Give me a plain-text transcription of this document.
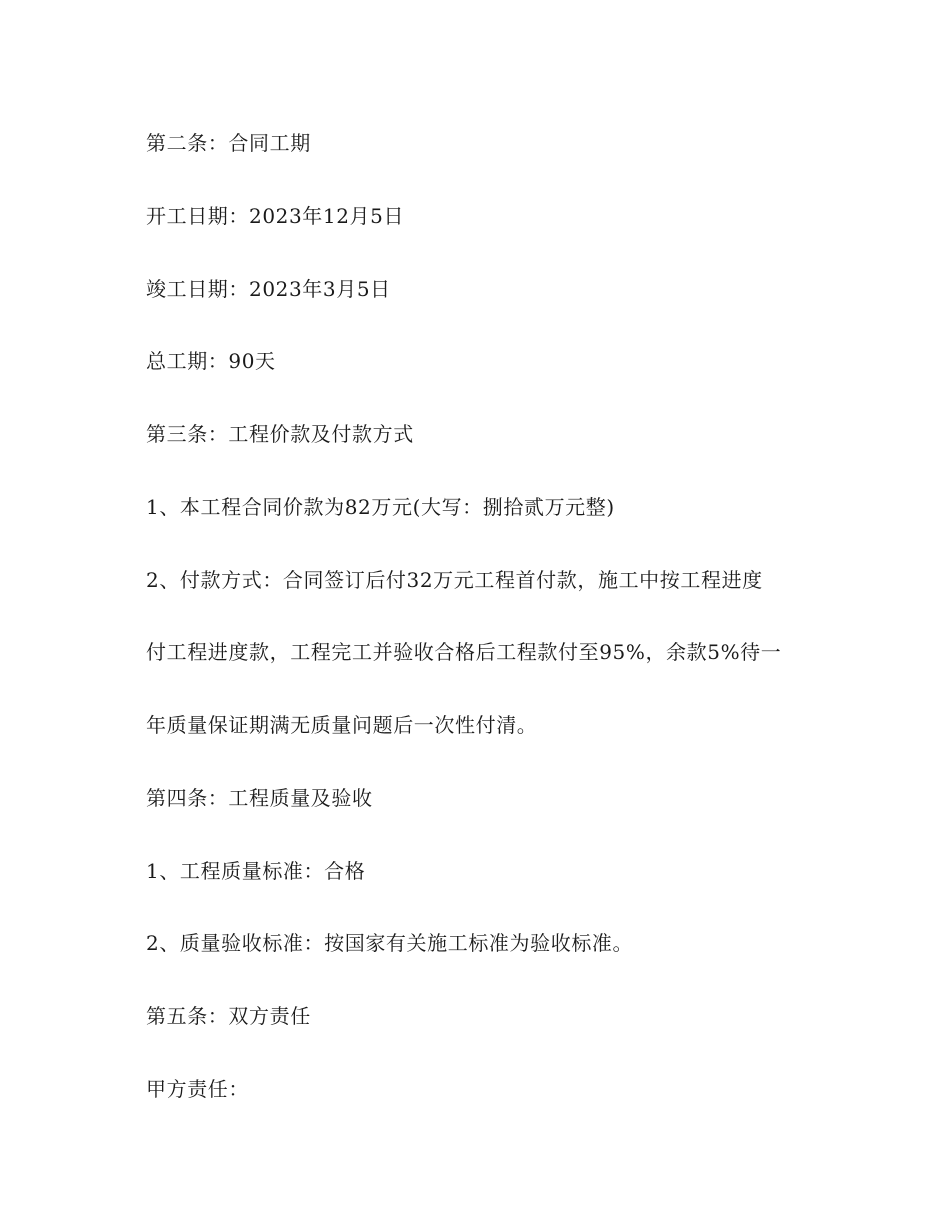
第二条：合同工期
开工日期：2023年12月5日
竣工日期：2023年3月5日
总工期：90天
第三条：工程价款及付款方式
1、本工程合同价款为82万元(大写：捌拾贰万元整)
2、付款方式：合同签订后付32万元工程首付款，施工中按工程进度
付工程进度款，工程完工并验收合格后工程款付至95%，余款5%待一
年质量保证期满无质量问题后一次性付清。
第四条：工程质量及验收
1、工程质量标准：合格
2、质量验收标准：按国家有关施工标准为验收标准。
第五条：双方责任
甲方责任：
